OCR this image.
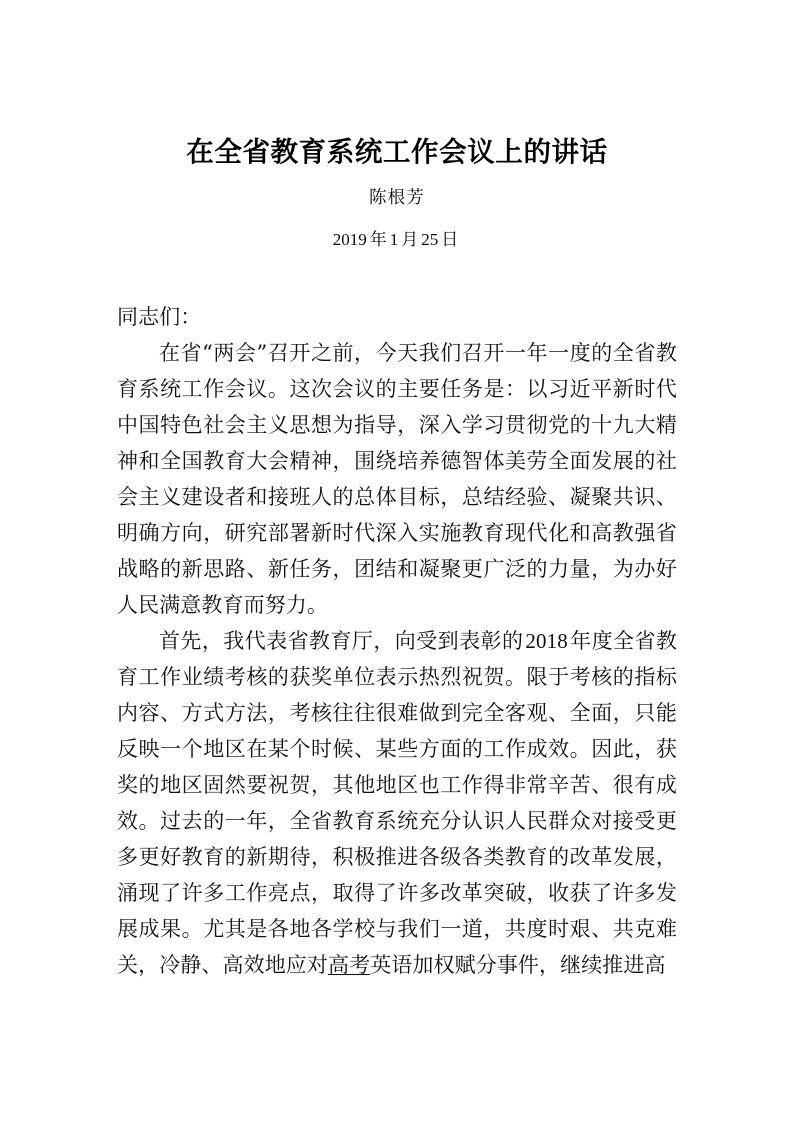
在全省教育系统工作会议上的讲话
陈根芳
2019 年 1 月 25 日

同志们：

在省“两会”召开之前，今天我们召开一年一度的全省教育系统工作会议。这次会议的主要任务是：以习近平新时代中国特色社会主义思想为指导，深入学习贯彻党的十九大精神和全国教育大会精神，围绕培养德智体美劳全面发展的社会主义建设者和接班人的总体目标，总结经验、凝聚共识、明确方向，研究部署新时代深入实施教育现代化和高教强省战略的新思路、新任务，团结和凝聚更广泛的力量，为办好人民满意教育而努力。

首先，我代表省教育厅，向受到表彰的2018年度全省教育工作业绩考核的获奖单位表示热烈祝贺。限于考核的指标内容、方式方法，考核往往很难做到完全客观、全面，只能反映一个地区在某个时候、某些方面的工作成效。因此，获奖的地区固然要祝贺，其他地区也工作得非常辛苦、很有成效。过去的一年，全省教育系统充分认识人民群众对接受更多更好教育的新期待，积极推进各级各类教育的改革发展，涌现了许多工作亮点，取得了许多改革突破，收获了许多发展成果。尤其是各地各学校与我们一道，共度时艰、共克难关，冷静、高效地应对高考英语加权赋分事件，继续推进高
